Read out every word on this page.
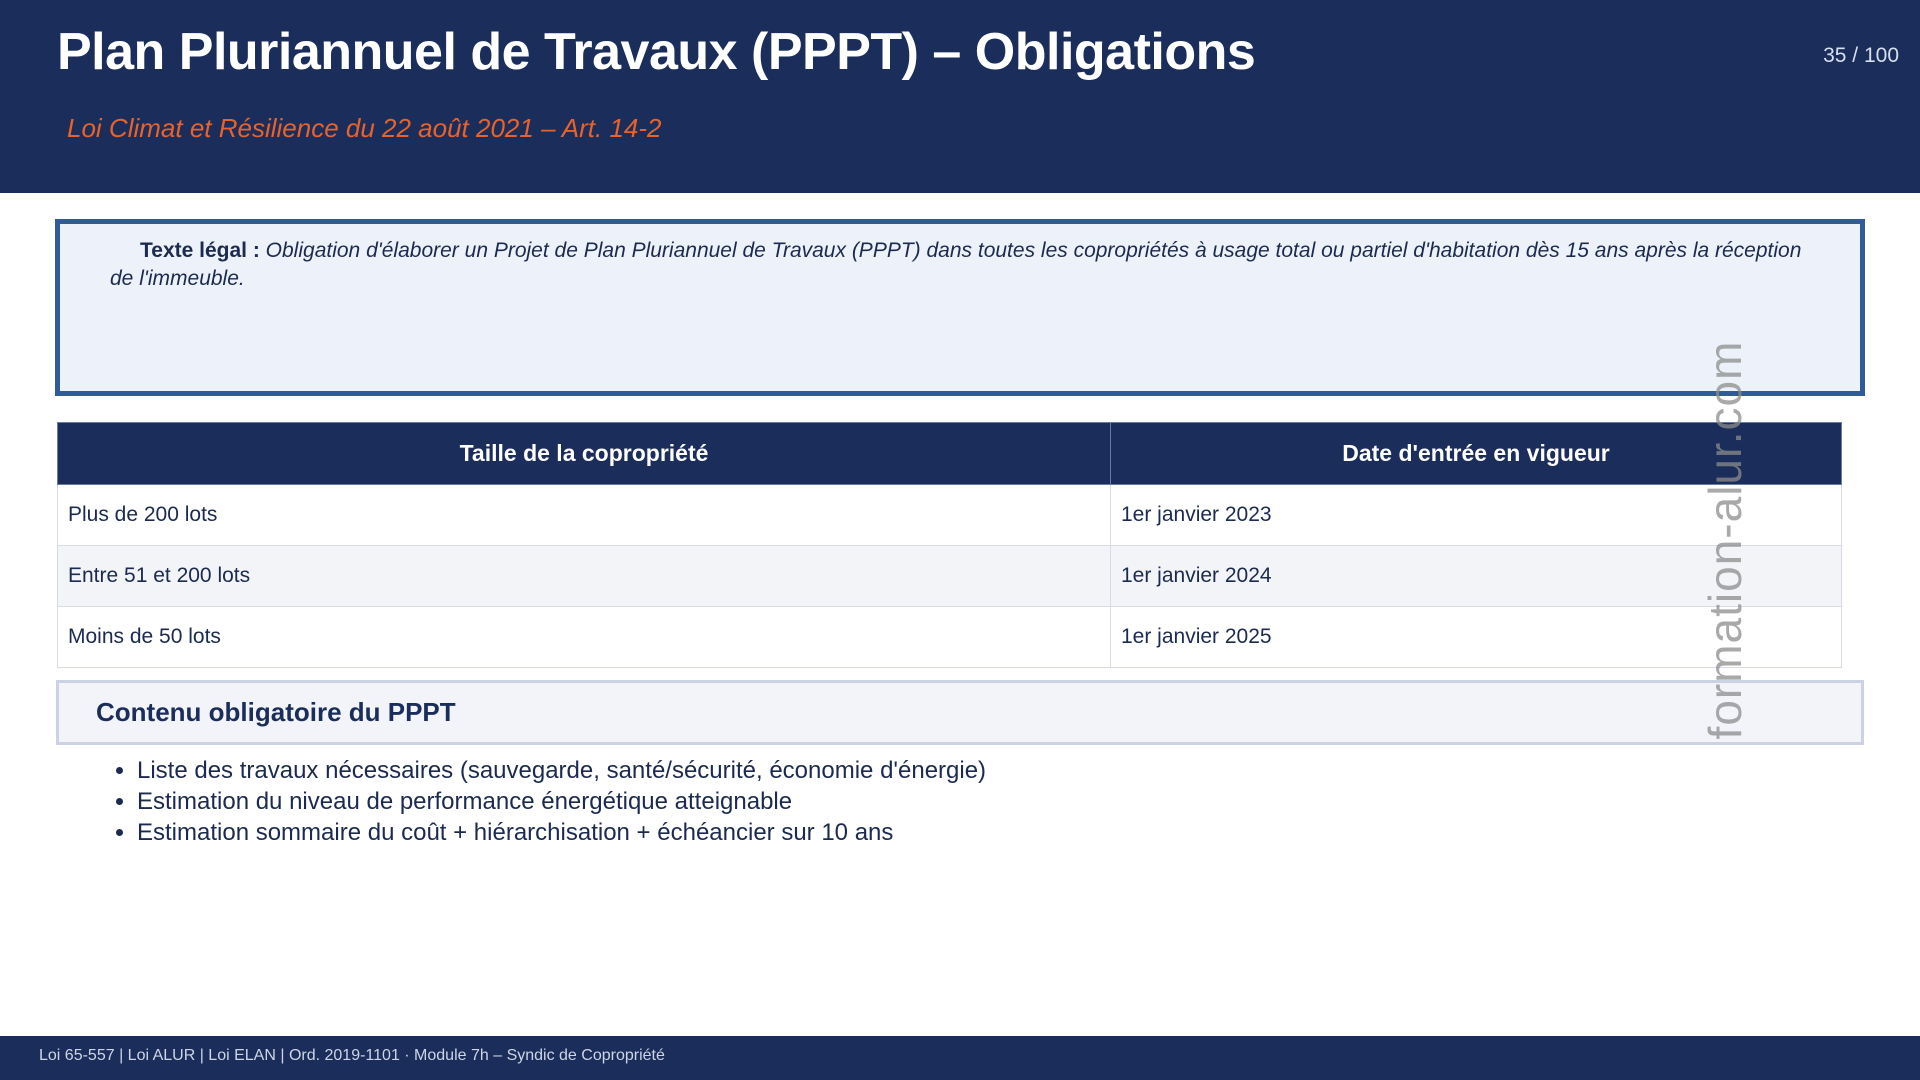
Plan Pluriannuel de Travaux (PPPT) – Obligations
Loi Climat et Résilience du 22 août 2021 – Art. 14-2
35 / 100
Texte légal : Obligation d'élaborer un Projet de Plan Pluriannuel de Travaux (PPPT) dans toutes les copropriétés à usage total ou partiel d'habitation dès 15 ans après la réception de l'immeuble.
Taille de la copropriété	Date d'entrée en vigueur
Plus de 200 lots	1er janvier 2023
Entre 51 et 200 lots	1er janvier 2024
Moins de 50 lots	1er janvier 2025
Contenu obligatoire du PPPT
• Liste des travaux nécessaires (sauvegarde, santé/sécurité, économie d'énergie)
• Estimation du niveau de performance énergétique atteignable
• Estimation sommaire du coût + hiérarchisation + échéancier sur 10 ans
formation-alur.com
Loi 65-557 | Loi ALUR | Loi ELAN | Ord. 2019-1101 · Module 7h – Syndic de Copropriété
